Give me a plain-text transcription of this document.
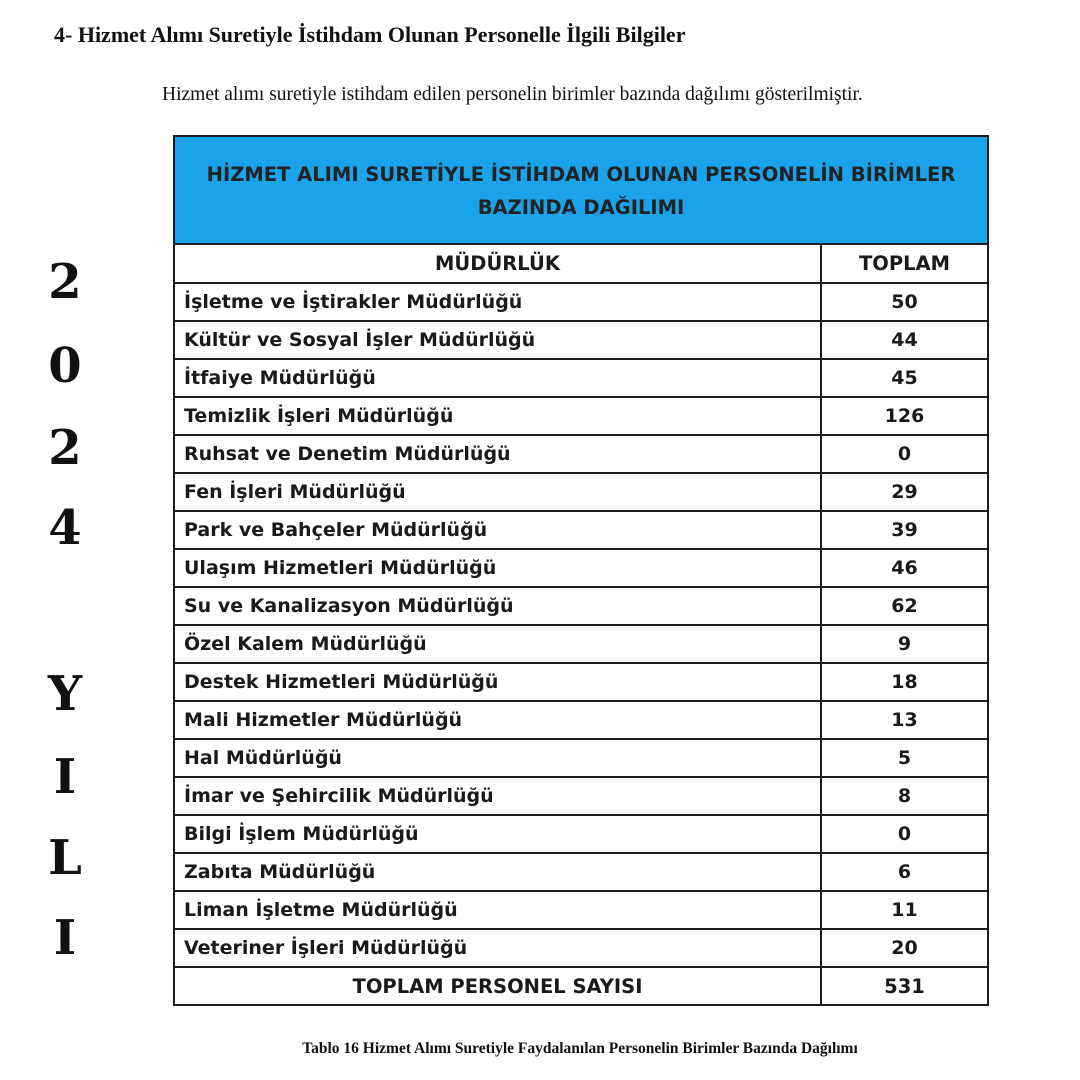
4- Hizmet Alımı Suretiyle İstihdam Olunan Personelle İlgili Bilgiler
Hizmet alımı suretiyle istihdam edilen personelin birimler bazında dağılımı gösterilmiştir.
2
0
2
4
Y
I
L
I
HİZMET ALIMI SURETİYLE İSTİHDAM OLUNAN PERSONELİN BİRİMLER
BAZINDA DAĞILIMI	
MÜDÜRLÜK	TOPLAM
İşletme ve İştirakler Müdürlüğü	50
Kültür ve Sosyal İşler Müdürlüğü	44
İtfaiye Müdürlüğü	45
Temizlik İşleri Müdürlüğü	126
Ruhsat ve Denetim Müdürlüğü	0
Fen İşleri Müdürlüğü	29
Park ve Bahçeler Müdürlüğü	39
Ulaşım Hizmetleri Müdürlüğü	46
Su ve Kanalizasyon Müdürlüğü	62
Özel Kalem Müdürlüğü	9
Destek Hizmetleri Müdürlüğü	18
Mali Hizmetler Müdürlüğü	13
Hal Müdürlüğü	5
İmar ve Şehircilik Müdürlüğü	8
Bilgi İşlem Müdürlüğü	0
Zabıta Müdürlüğü	6
Liman İşletme Müdürlüğü	11
Veteriner İşleri Müdürlüğü	20
TOPLAM PERSONEL SAYISI	531
Tablo 16 Hizmet Alımı Suretiyle Faydalanılan Personelin Birimler Bazında Dağılımı
